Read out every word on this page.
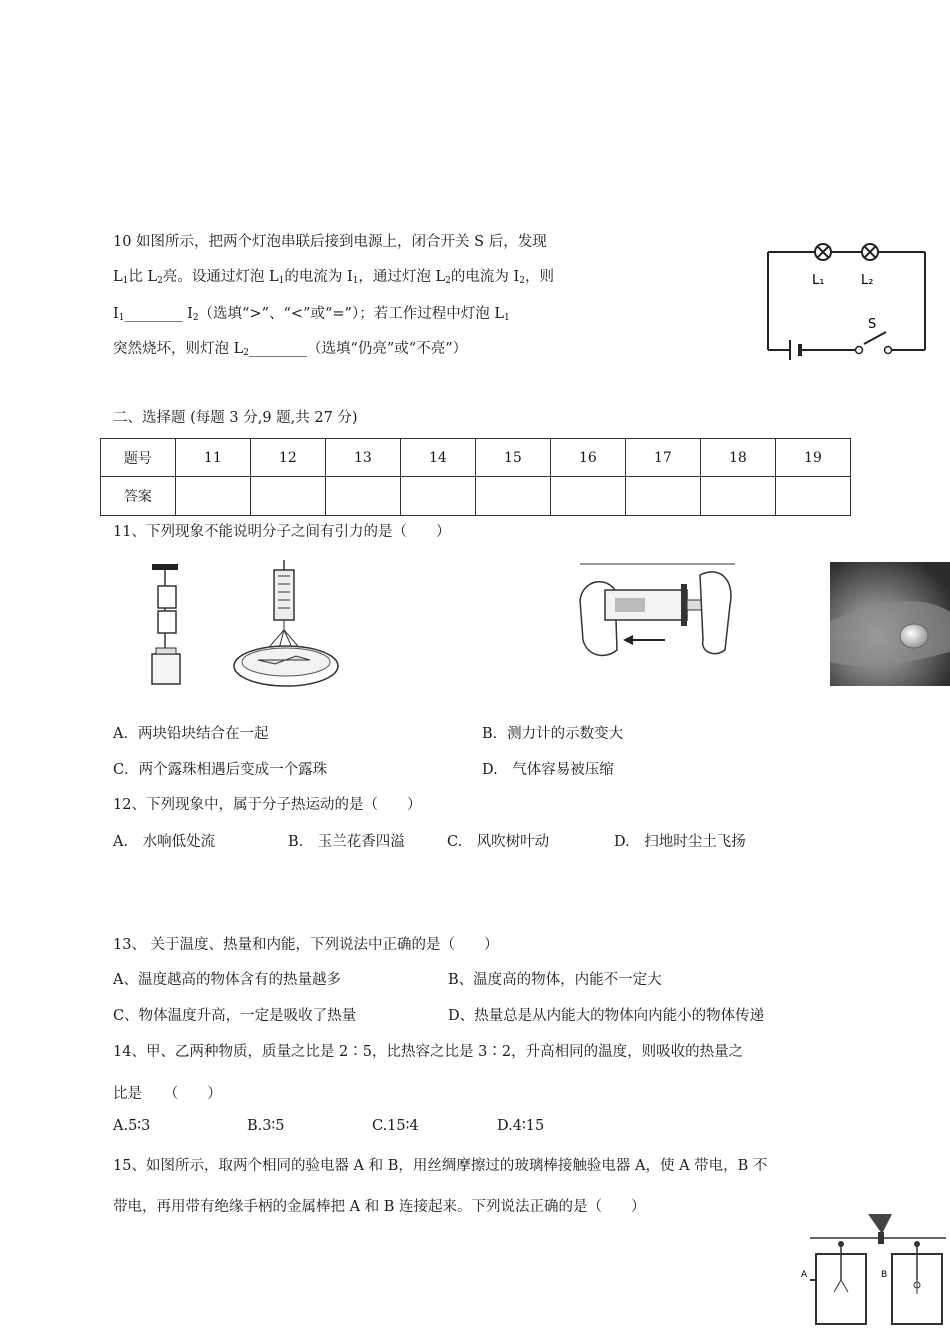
10 如图所示，把两个灯泡串联后接到电源上，闭合开关 S 后，发现
$L_1$比 $L_2$亮。设通过灯泡 $L_1$的电流为 $I_1$，通过灯泡 $L_2$的电流为 $I_2$，则
$I_1\_\_\_\_\_\_\_\_$ $I_2$（选填“>”、“<”或“=”）；若工作过程中灯泡 $L_1$
突然烧坏，则灯泡 $L_2\_\_\_\_\_\_\_\_$（选填“仍亮”或“不亮”）
L₁	L₂
S
二、选择题 (每题 3 分,9 题,共 27 分)
题号	11	12	13	14	15	16	17	18	19
答案									
11、下列现象不能说明分子之间有引力的是（　　）
A．两块铅块结合在一起	B．测力计的示数变大
C．两个露珠相遇后变成一个露珠	D.　气体容易被压缩
12、下列现象中，属于分子热运动的是（　　）
A.　水响低处流	B.　玉兰花香四溢	C.　风吹树叶动	D.　扫地时尘土飞扬
13、 关于温度、热量和内能，下列说法中正确的是（　　）
A、温度越高的物体含有的热量越多	B、温度高的物体，内能不一定大
C、物体温度升高，一定是吸收了热量	D、热量总是从内能大的物体向内能小的物体传递
14、甲、乙两种物质，质量之比是 2∶5，比热容之比是 3∶2，升高相同的温度，则吸收的热量之
比是　　（　　）
A.5∶3	B.3∶5	C.15∶4	D.4∶15
15、如图所示，取两个相同的验电器 A 和 B，用丝绸摩擦过的玻璃棒接触验电器 A，使 A 带电，B 不
带电，再用带有绝缘手柄的金属棒把 A 和 B 连接起来。下列说法正确的是（　　）
A	B
